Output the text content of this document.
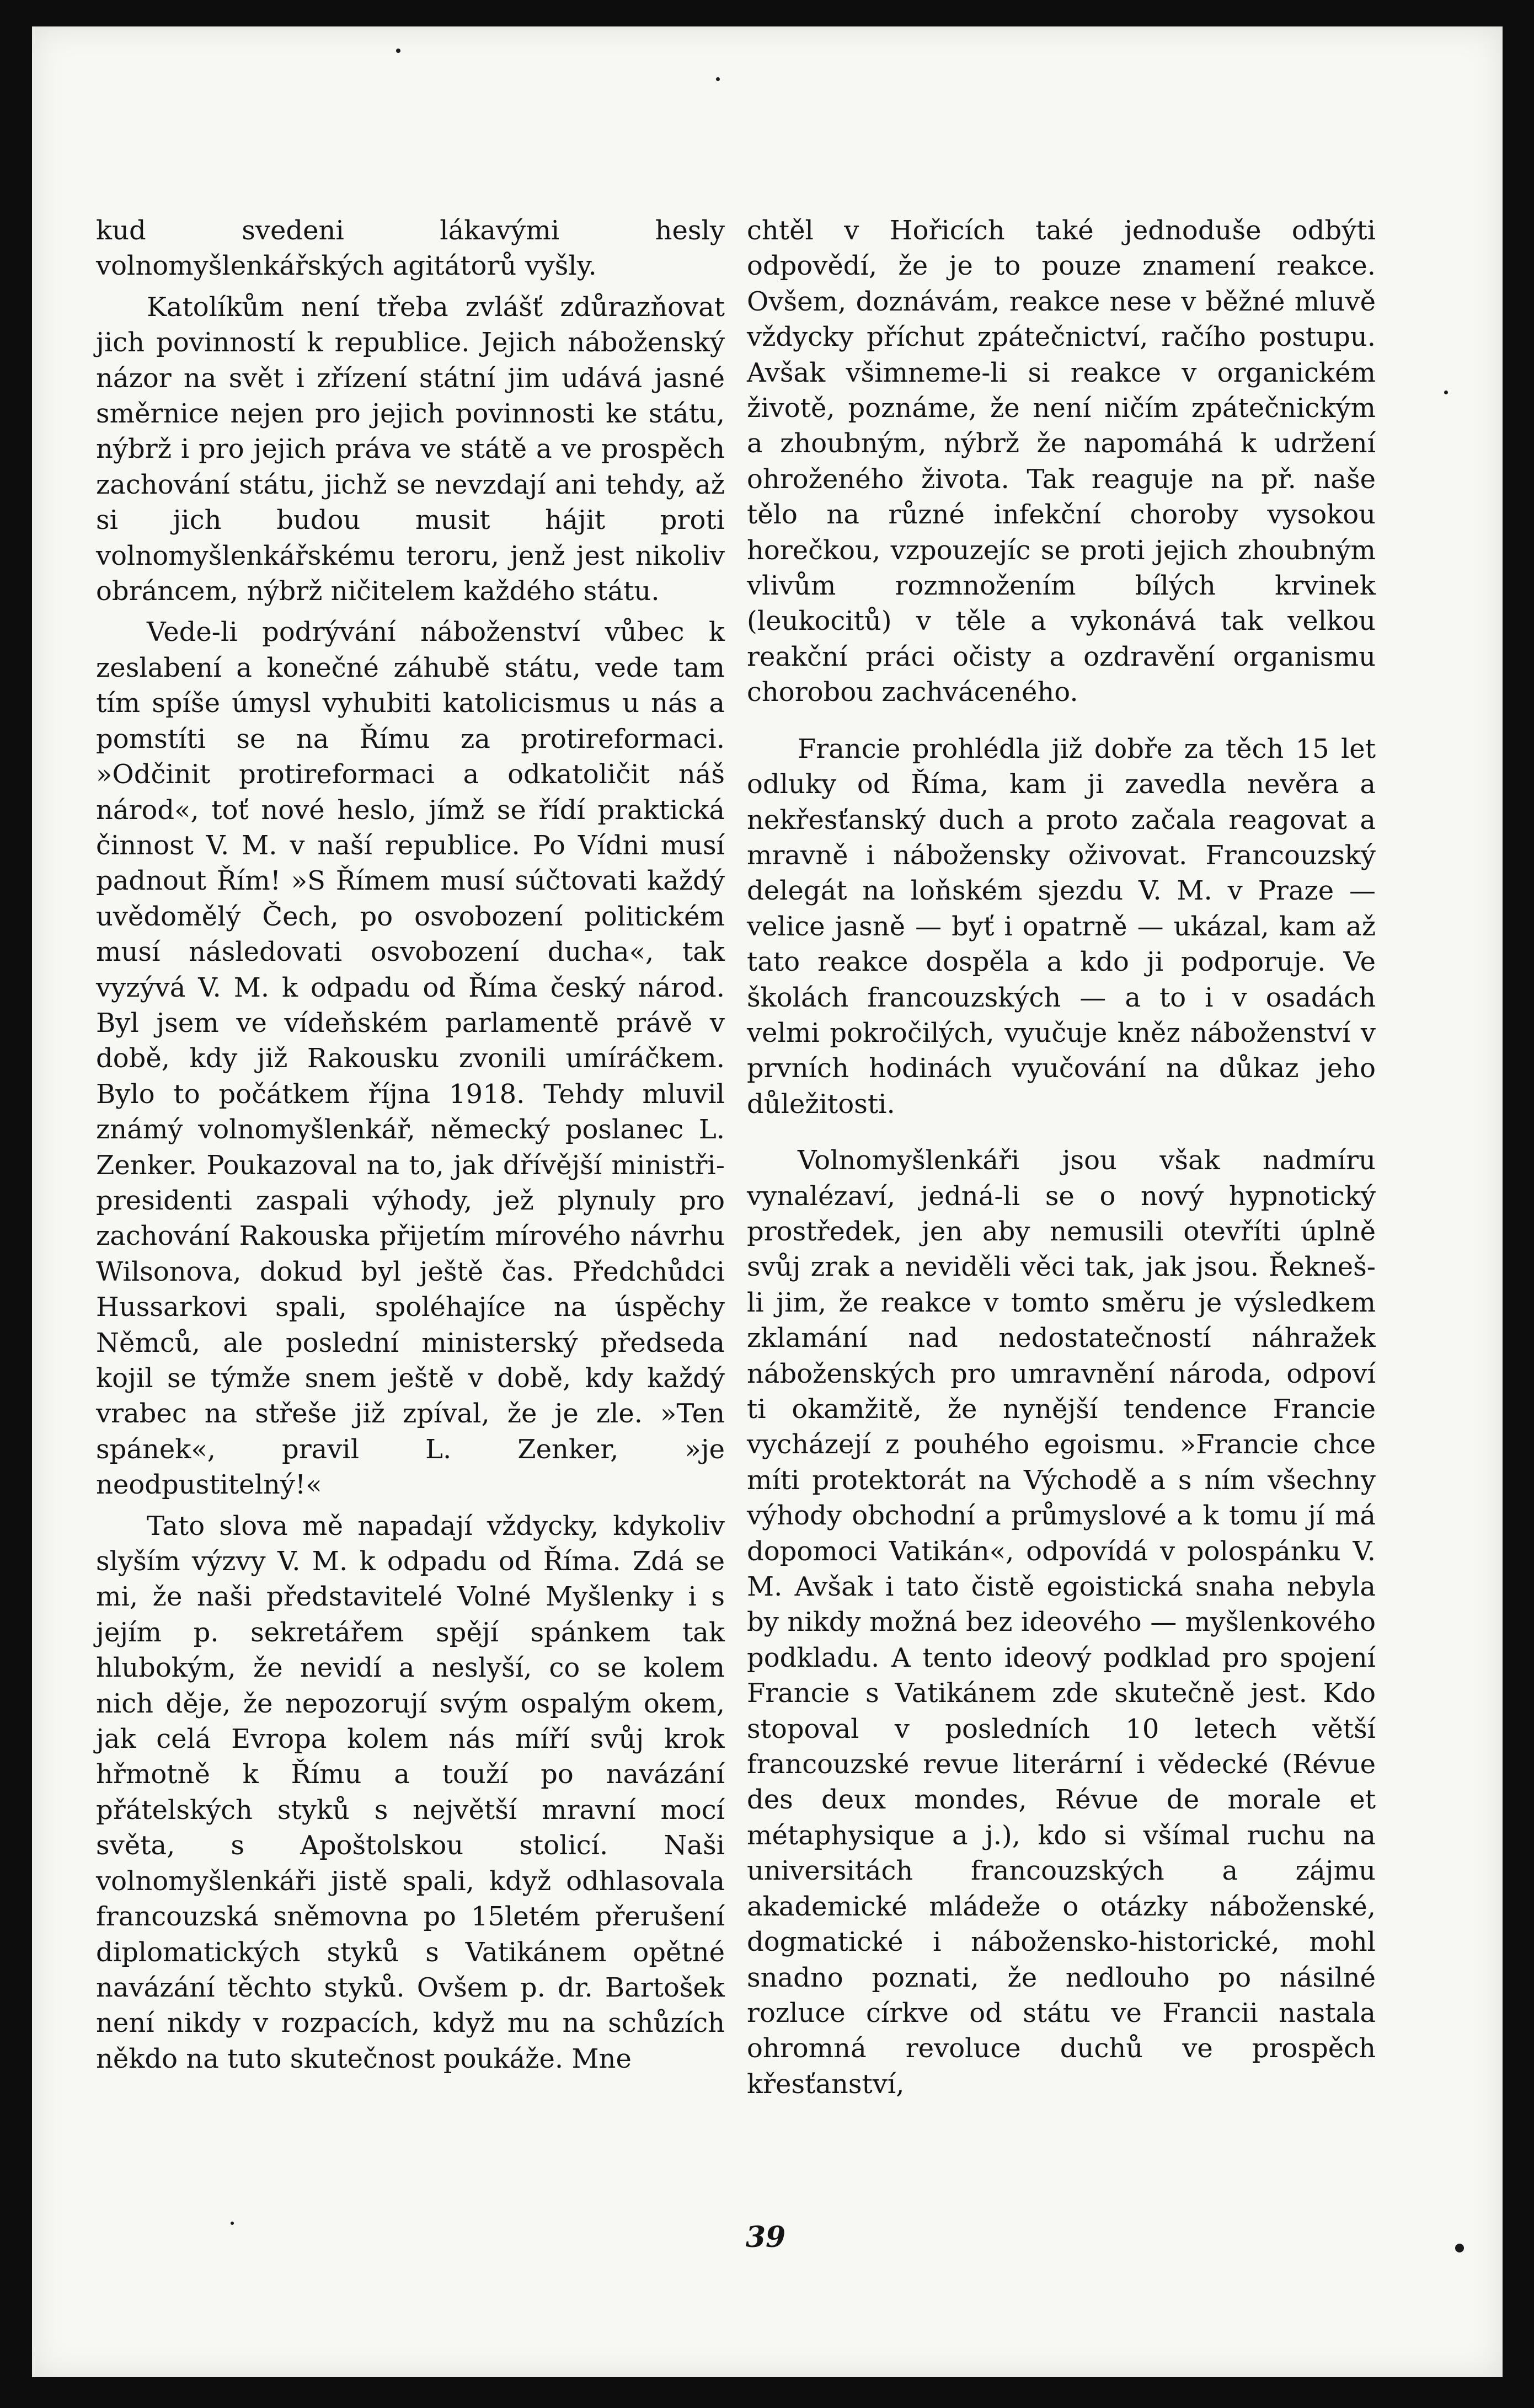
kud svedeni lákavými hesly volnomyšlenkářských agitátorů vyšly.

Katolíkům není třeba zvlášť zdůrazňovat jich povinností k republice. Jejich náboženský názor na svět i zřízení státní jim udává jasné směrnice nejen pro jejich povinnosti ke státu, nýbrž i pro jejich práva ve státě a ve prospěch zachování státu, jichž se nevzdají ani tehdy, až si jich budou musit hájit proti volnomyšlenkářskému teroru, jenž jest nikoliv obráncem, nýbrž ničitelem každého státu.

Vede-li podrývání náboženství vůbec k zeslabení a konečné záhubě státu, vede tam tím spíše úmysl vyhubiti katolicismus u nás a pomstíti se na Římu za protireformaci. »Odčinit protireformaci a odkatoličit náš národ«, toť nové heslo, jímž se řídí praktická činnost V. M. v naší republice. Po Vídni musí padnout Řím! »S Římem musí súčtovati každý uvědomělý Čech, po osvobození politickém musí následovati osvobození ducha«, tak vyzývá V. M. k odpadu od Říma český národ. Byl jsem ve vídeňském parlamentě právě v době, kdy již Rakousku zvonili umíráčkem. Bylo to počátkem října 1918. Tehdy mluvil známý volnomyšlenkář, německý poslanec L. Zenker. Poukazoval na to, jak dřívější ministři-presidenti zaspali výhody, jež plynuly pro zachování Rakouska přijetím mírového návrhu Wilsonova, dokud byl ještě čas. Předchůdci Hussarkovi spali, spoléhajíce na úspěchy Němců, ale poslední ministerský předseda kojil se týmže snem ještě v době, kdy každý vrabec na střeše již zpíval, že je zle. »Ten spánek«, pravil L. Zenker, »je neodpustitelný!«

Tato slova mě napadají vždycky, kdykoliv slyším výzvy V. M. k odpadu od Říma. Zdá se mi, že naši představitelé Volné Myšlenky i s jejím p. sekretářem spějí spánkem tak hlubokým, že nevidí a neslyší, co se kolem nich děje, že nepozorují svým ospalým okem, jak celá Evropa kolem nás míří svůj krok hřmotně k Římu a touží po navázání přátelských styků s největší mravní mocí světa, s Apoštolskou stolicí. Naši volnomyšlenkáři jistě spali, když odhlasovala francouzská sněmovna po 15letém přerušení diplomatických styků s Vatikánem opětné navázání těchto styků. Ovšem p. dr. Bartošek není nikdy v rozpacích, když mu na schůzích někdo na tuto skutečnost poukáže. Mne

chtěl v Hořicích také jednoduše odbýti odpovědí, že je to pouze znamení reakce. Ovšem, doznávám, reakce nese v běžné mluvě vždycky příchut zpátečnictví, račího postupu. Avšak všimneme-li si reakce v organickém životě, poznáme, že není ničím zpátečnickým a zhoubným, nýbrž že napomáhá k udržení ohroženého života. Tak reaguje na př. naše tělo na různé infekční choroby vysokou horečkou, vzpouzejíc se proti jejich zhoubným vlivům rozmnožením bílých krvinek (leukocitů) v těle a vykonává tak velkou reakční práci očisty a ozdravění organismu chorobou zachváceného.

Francie prohlédla již dobře za těch 15 let odluky od Říma, kam ji zavedla nevěra a nekřesťanský duch a proto začala reagovat a mravně i nábožensky oživovat. Francouzský delegát na loňském sjezdu V. M. v Praze — velice jasně — byť i opatrně — ukázal, kam až tato reakce dospěla a kdo ji podporuje. Ve školách francouzských — a to i v osadách velmi pokročilých, vyučuje kněz náboženství v prvních hodinách vyučování na důkaz jeho důležitosti.

Volnomyšlenkáři jsou však nadmíru vynalézaví, jedná-li se o nový hypnotický prostředek, jen aby nemusili otevříti úplně svůj zrak a neviděli věci tak, jak jsou. Řekneš-li jim, že reakce v tomto směru je výsledkem zklamání nad nedostatečností náhražek náboženských pro umravnění národa, odpoví ti okamžitě, že nynější tendence Francie vycházejí z pouhého egoismu. »Francie chce míti protektorát na Východě a s ním všechny výhody obchodní a průmyslové a k tomu jí má dopomoci Vatikán«, odpovídá v polospánku V. M. Avšak i tato čistě egoistická snaha nebyla by nikdy možná bez ideového — myšlenkového podkladu. A tento ideový podklad pro spojení Francie s Vatikánem zde skutečně jest. Kdo stopoval v posledních 10 letech větší francouzské revue literární i vědecké (Révue des deux mondes, Révue de morale et métaphysique a j.), kdo si všímal ruchu na universitách francouzských a zájmu akademické mládeže o otázky náboženské, dogmatické i nábožensko-historické, mohl snadno poznati, že nedlouho po násilné rozluce církve od státu ve Francii nastala ohromná revoluce duchů ve prospěch křesťanství,

39
